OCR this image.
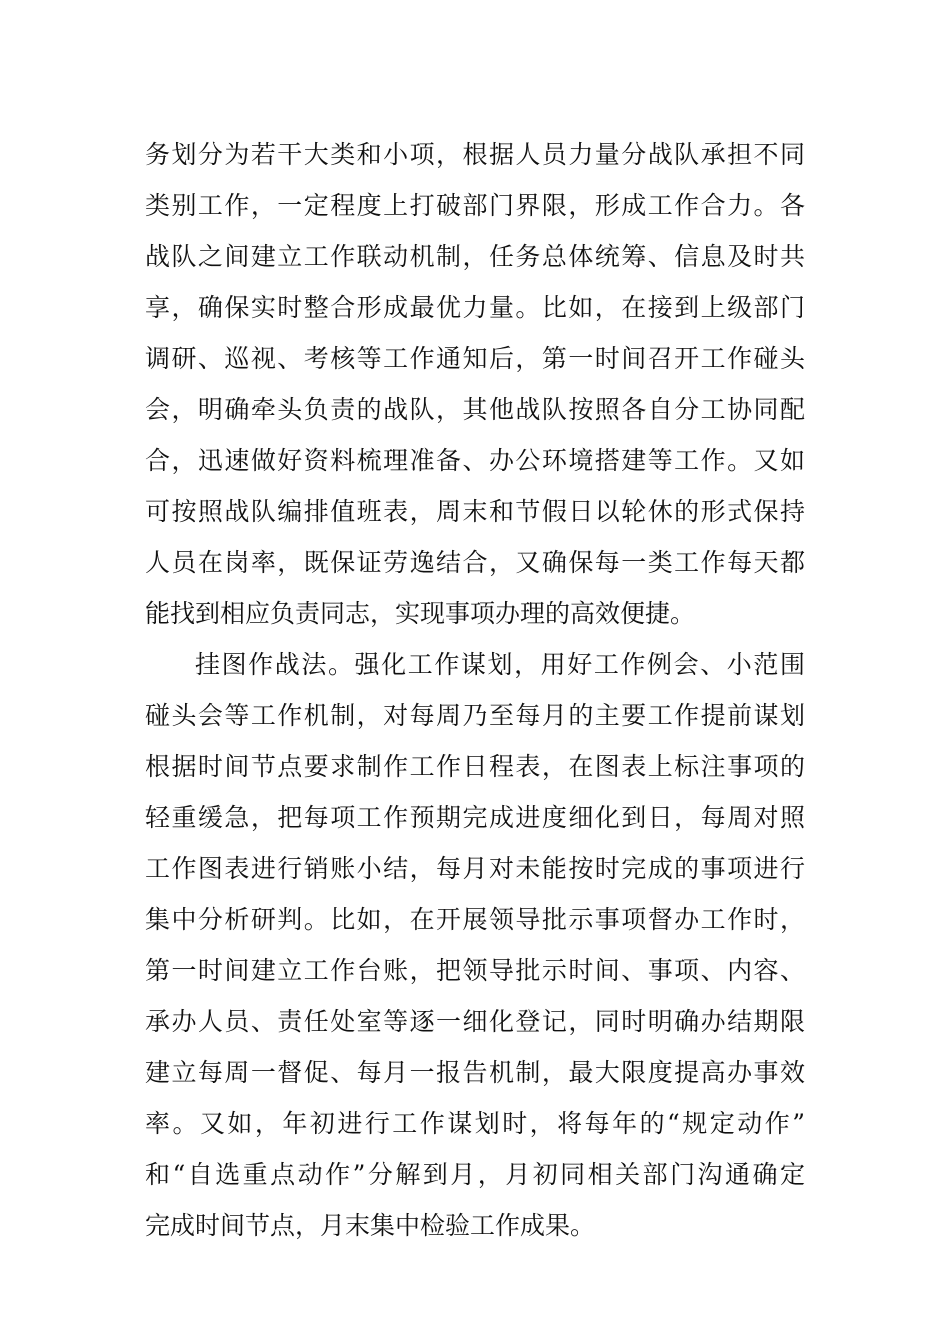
务划分为若干大类和小项，根据人员力量分战队承担不同

类别工作，一定程度上打破部门界限，形成工作合力。各

战队之间建立工作联动机制，任务总体统筹、信息及时共

享，确保实时整合形成最优力量。比如，在接到上级部门

调研、巡视、考核等工作通知后，第一时间召开工作碰头

会，明确牵头负责的战队，其他战队按照各自分工协同配

合，迅速做好资料梳理准备、办公环境搭建等工作。又如

可按照战队编排值班表，周末和节假日以轮休的形式保持

人员在岗率，既保证劳逸结合，又确保每一类工作每天都

能找到相应负责同志，实现事项办理的高效便捷。

挂图作战法。强化工作谋划，用好工作例会、小范围

碰头会等工作机制，对每周乃至每月的主要工作提前谋划

根据时间节点要求制作工作日程表，在图表上标注事项的

轻重缓急，把每项工作预期完成进度细化到日，每周对照

工作图表进行销账小结，每月对未能按时完成的事项进行

集中分析研判。比如，在开展领导批示事项督办工作时，

第一时间建立工作台账，把领导批示时间、事项、内容、

承办人员、责任处室等逐一细化登记，同时明确办结期限

建立每周一督促、每月一报告机制，最大限度提高办事效

率。又如，年初进行工作谋划时，将每年的“规定动作”

和“自选重点动作”分解到月，月初同相关部门沟通确定

完成时间节点，月末集中检验工作成果。
